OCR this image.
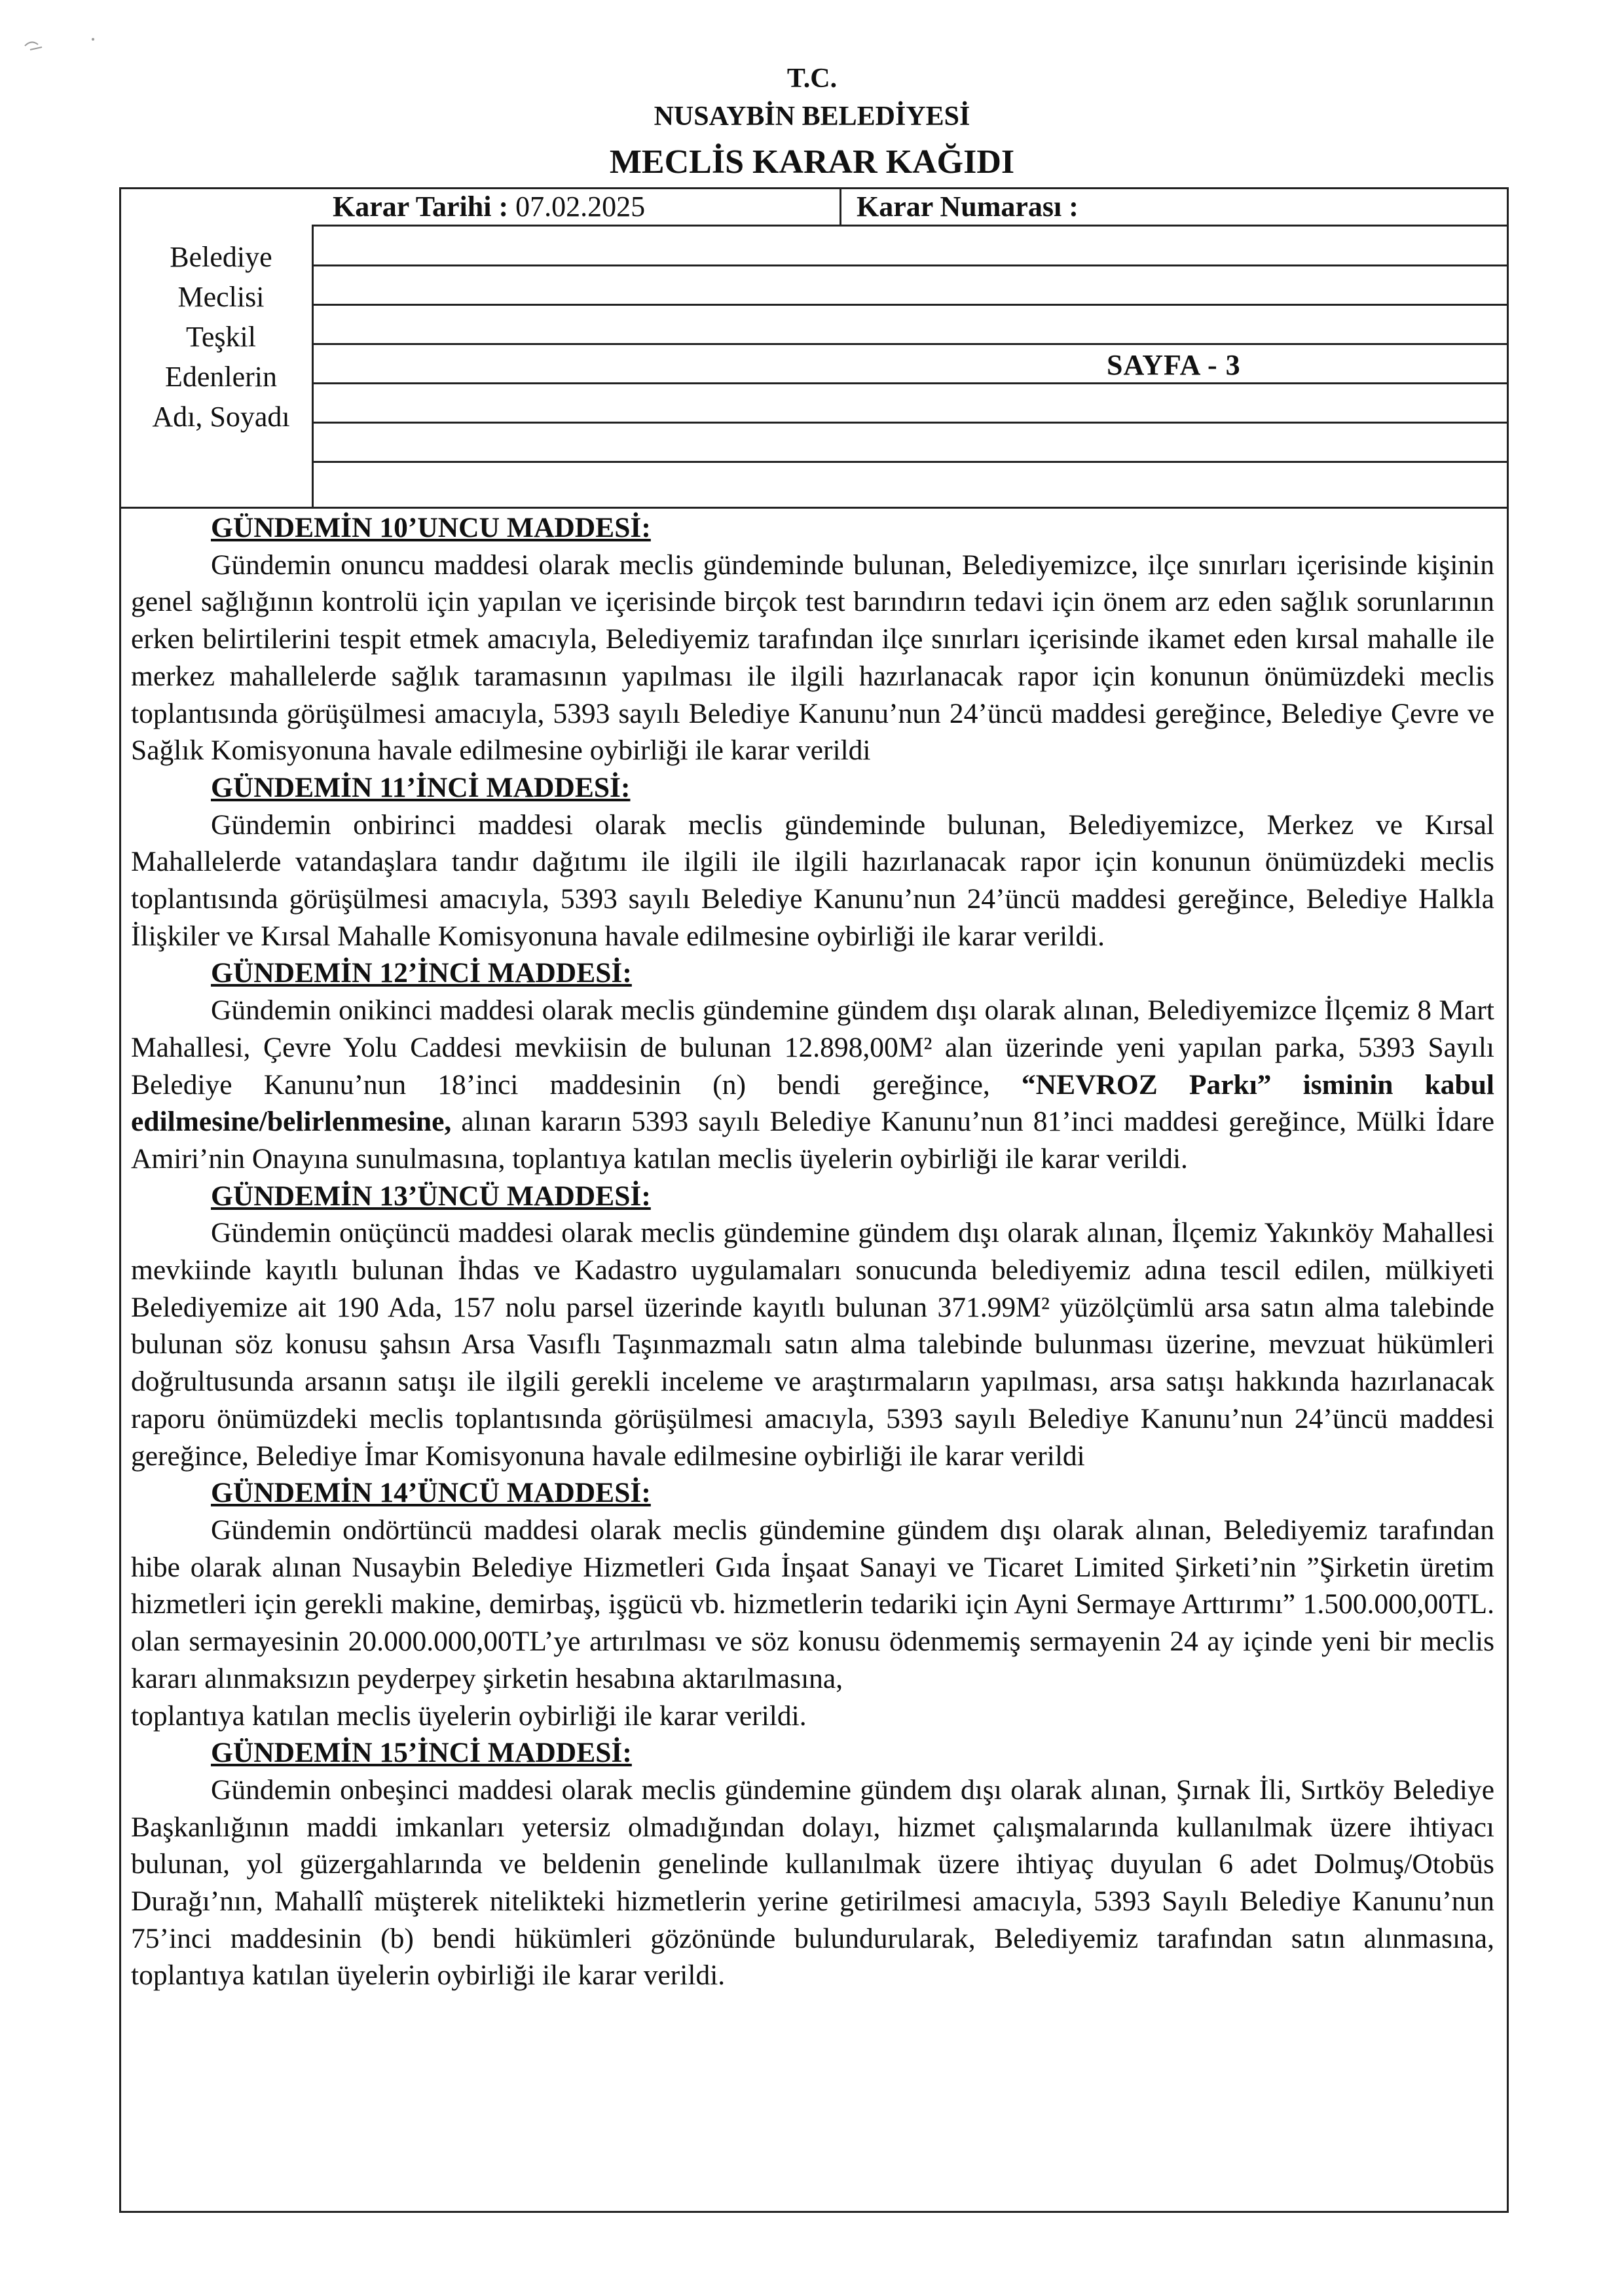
T.C.
NUSAYBİN BELEDİYESİ
MECLİS KARAR KAĞIDI
Karar Tarihi : 07.02.2025	Karar Numarası :
Belediye
Meclisi
Teşkil
Edenlerin
Adı, Soyadı
SAYFA - 3
GÜNDEMİN 10’UNCU MADDESİ:

Gündemin onuncu maddesi olarak meclis gündeminde bulunan, Belediyemizce, ilçe sınırları içerisinde kişinin genel sağlığının kontrolü için yapılan ve içerisinde birçok test barındırın tedavi için önem arz eden sağlık sorunlarının erken belirtilerini tespit etmek amacıyla, Belediyemiz tarafından ilçe sınırları içerisinde ikamet eden kırsal mahalle ile merkez mahallelerde sağlık taramasının yapılması ile ilgili hazırlanacak rapor için konunun önümüzdeki meclis toplantısında görüşülmesi amacıyla, 5393 sayılı Belediye Kanunu’nun 24’üncü maddesi gereğince, Belediye Çevre ve Sağlık Komisyonuna havale edilmesine oybirliği ile karar verildi

GÜNDEMİN 11’İNCİ MADDESİ:

Gündemin onbirinci maddesi olarak meclis gündeminde bulunan, Belediyemizce, Merkez ve Kırsal Mahallelerde vatandaşlara tandır dağıtımı ile ilgili ile ilgili hazırlanacak rapor için konunun önümüzdeki meclis toplantısında görüşülmesi amacıyla, 5393 sayılı Belediye Kanunu’nun 24’üncü maddesi gereğince, Belediye Halkla İlişkiler ve Kırsal Mahalle Komisyonuna havale edilmesine oybirliği ile karar verildi.

GÜNDEMİN 12’İNCİ MADDESİ:

Gündemin onikinci maddesi olarak meclis gündemine gündem dışı olarak alınan, Belediyemizce İlçemiz 8 Mart Mahallesi, Çevre Yolu Caddesi mevkiisin de bulunan 12.898,00M² alan üzerinde yeni yapılan parka, 5393 Sayılı Belediye Kanunu’nun 18’inci maddesinin (n) bendi gereğince, “NEVROZ Parkı” isminin kabul edilmesine/belirlenmesine, alınan kararın 5393 sayılı Belediye Kanunu’nun 81’inci maddesi gereğince, Mülki İdare Amiri’nin Onayına sunulmasına, toplantıya katılan meclis üyelerin oybirliği ile karar verildi.

GÜNDEMİN 13’ÜNCÜ MADDESİ:

Gündemin onüçüncü maddesi olarak meclis gündemine gündem dışı olarak alınan, İlçemiz Yakınköy Mahallesi mevkiinde kayıtlı bulunan İhdas ve Kadastro uygulamaları sonucunda belediyemiz adına tescil edilen, mülkiyeti Belediyemize ait 190 Ada, 157 nolu parsel üzerinde kayıtlı bulunan 371.99M² yüzölçümlü arsa satın alma talebinde bulunan söz konusu şahsın Arsa Vasıflı Taşınmazmalı satın alma talebinde bulunması üzerine, mevzuat hükümleri doğrultusunda arsanın satışı ile ilgili gerekli inceleme ve araştırmaların yapılması, arsa satışı hakkında hazırlanacak raporu önümüzdeki meclis toplantısında görüşülmesi amacıyla, 5393 sayılı Belediye Kanunu’nun 24’üncü maddesi gereğince, Belediye İmar Komisyonuna havale edilmesine oybirliği ile karar verildi

GÜNDEMİN 14’ÜNCÜ MADDESİ:

Gündemin ondörtüncü maddesi olarak meclis gündemine gündem dışı olarak alınan, Belediyemiz tarafından hibe olarak alınan Nusaybin Belediye Hizmetleri Gıda İnşaat Sanayi ve Ticaret Limited Şirketi’nin ”Şirketin üretim hizmetleri için gerekli makine, demirbaş, işgücü vb. hizmetlerin tedariki için Ayni Sermaye Arttırımı” 1.500.000,00TL. olan sermayesinin 20.000.000,00TL’ye artırılması ve söz konusu ödenmemiş sermayenin 24 ay içinde yeni bir meclis kararı alınmaksızın peyderpey şirketin hesabına aktarılmasına,

toplantıya katılan meclis üyelerin oybirliği ile karar verildi.

GÜNDEMİN 15’İNCİ MADDESİ:

Gündemin onbeşinci maddesi olarak meclis gündemine gündem dışı olarak alınan, Şırnak İli, Sırtköy Belediye Başkanlığının maddi imkanları yetersiz olmadığından dolayı, hizmet çalışmalarında kullanılmak üzere ihtiyacı bulunan, yol güzergahlarında ve beldenin genelinde kullanılmak üzere ihtiyaç duyulan 6 adet Dolmuş/Otobüs Durağı’nın, Mahallî müşterek nitelikteki hizmetlerin yerine getirilmesi amacıyla, 5393 Sayılı Belediye Kanunu’nun 75’inci maddesinin (b) bendi hükümleri gözönünde bulundurularak, Belediyemiz tarafından satın alınmasına, toplantıya katılan üyelerin oybirliği ile karar verildi.
